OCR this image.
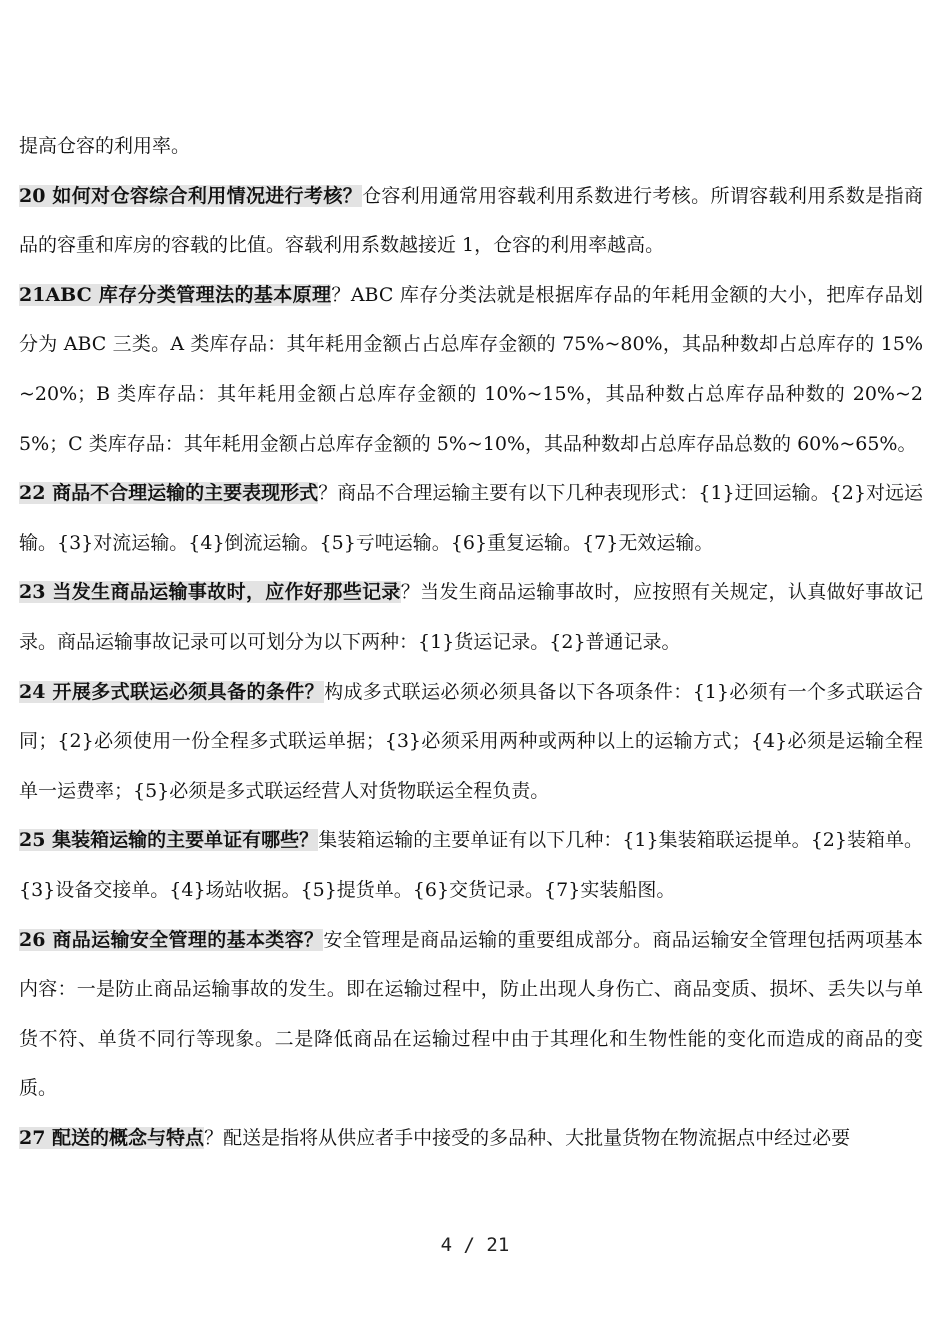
提高仓容的利用率。

20 如何对仓容综合利用情况进行考核？仓容利用通常用容载利用系数进行考核。所谓容载利用系数是指商品的容重和库房的容载的比值。容载利用系数越接近 1，仓容的利用率越高。

21ABC 库存分类管理法的基本原理？ABC 库存分类法就是根据库存品的年耗用金额的大小，把库存品划分为 ABC 三类。A 类库存品：其年耗用金额占占总库存金额的 75%~80%，其品种数却占总库存的 15%~20%；B 类库存品：其年耗用金额占总库存金额的 10%~15%，其品种数占总库存品种数的 20%~25%；C 类库存品：其年耗用金额占总库存金额的 5%~10%，其品种数却占总库存品总数的 60%~65%。

22 商品不合理运输的主要表现形式？商品不合理运输主要有以下几种表现形式：{1}迂回运输。{2}对远运输。{3}对流运输。{4}倒流运输。{5}亏吨运输。{6}重复运输。{7}无效运输。

23 当发生商品运输事故时，应作好那些记录？当发生商品运输事故时，应按照有关规定，认真做好事故记录。商品运输事故记录可以可划分为以下两种：{1}货运记录。{2}普通记录。

24 开展多式联运必须具备的条件？构成多式联运必须必须具备以下各项条件：{1}必须有一个多式联运合同；{2}必须使用一份全程多式联运单据；{3}必须采用两种或两种以上的运输方式；{4}必须是运输全程单一运费率；{5}必须是多式联运经营人对货物联运全程负责。

25 集装箱运输的主要单证有哪些？集装箱运输的主要单证有以下几种：{1}集装箱联运提单。{2}装箱单。{3}设备交接单。{4}场站收据。{5}提货单。{6}交货记录。{7}实装船图。

26 商品运输安全管理的基本类容？安全管理是商品运输的重要组成部分。商品运输安全管理包括两项基本内容：一是防止商品运输事故的发生。即在运输过程中，防止出现人身伤亡、商品变质、损坏、丢失以与单货不符、单货不同行等现象。二是降低商品在运输过程中由于其理化和生物性能的变化而造成的商品的变质。

27 配送的概念与特点？配送是指将从供应者手中接受的多品种、大批量货物在物流据点中经过必要

4 / 21
